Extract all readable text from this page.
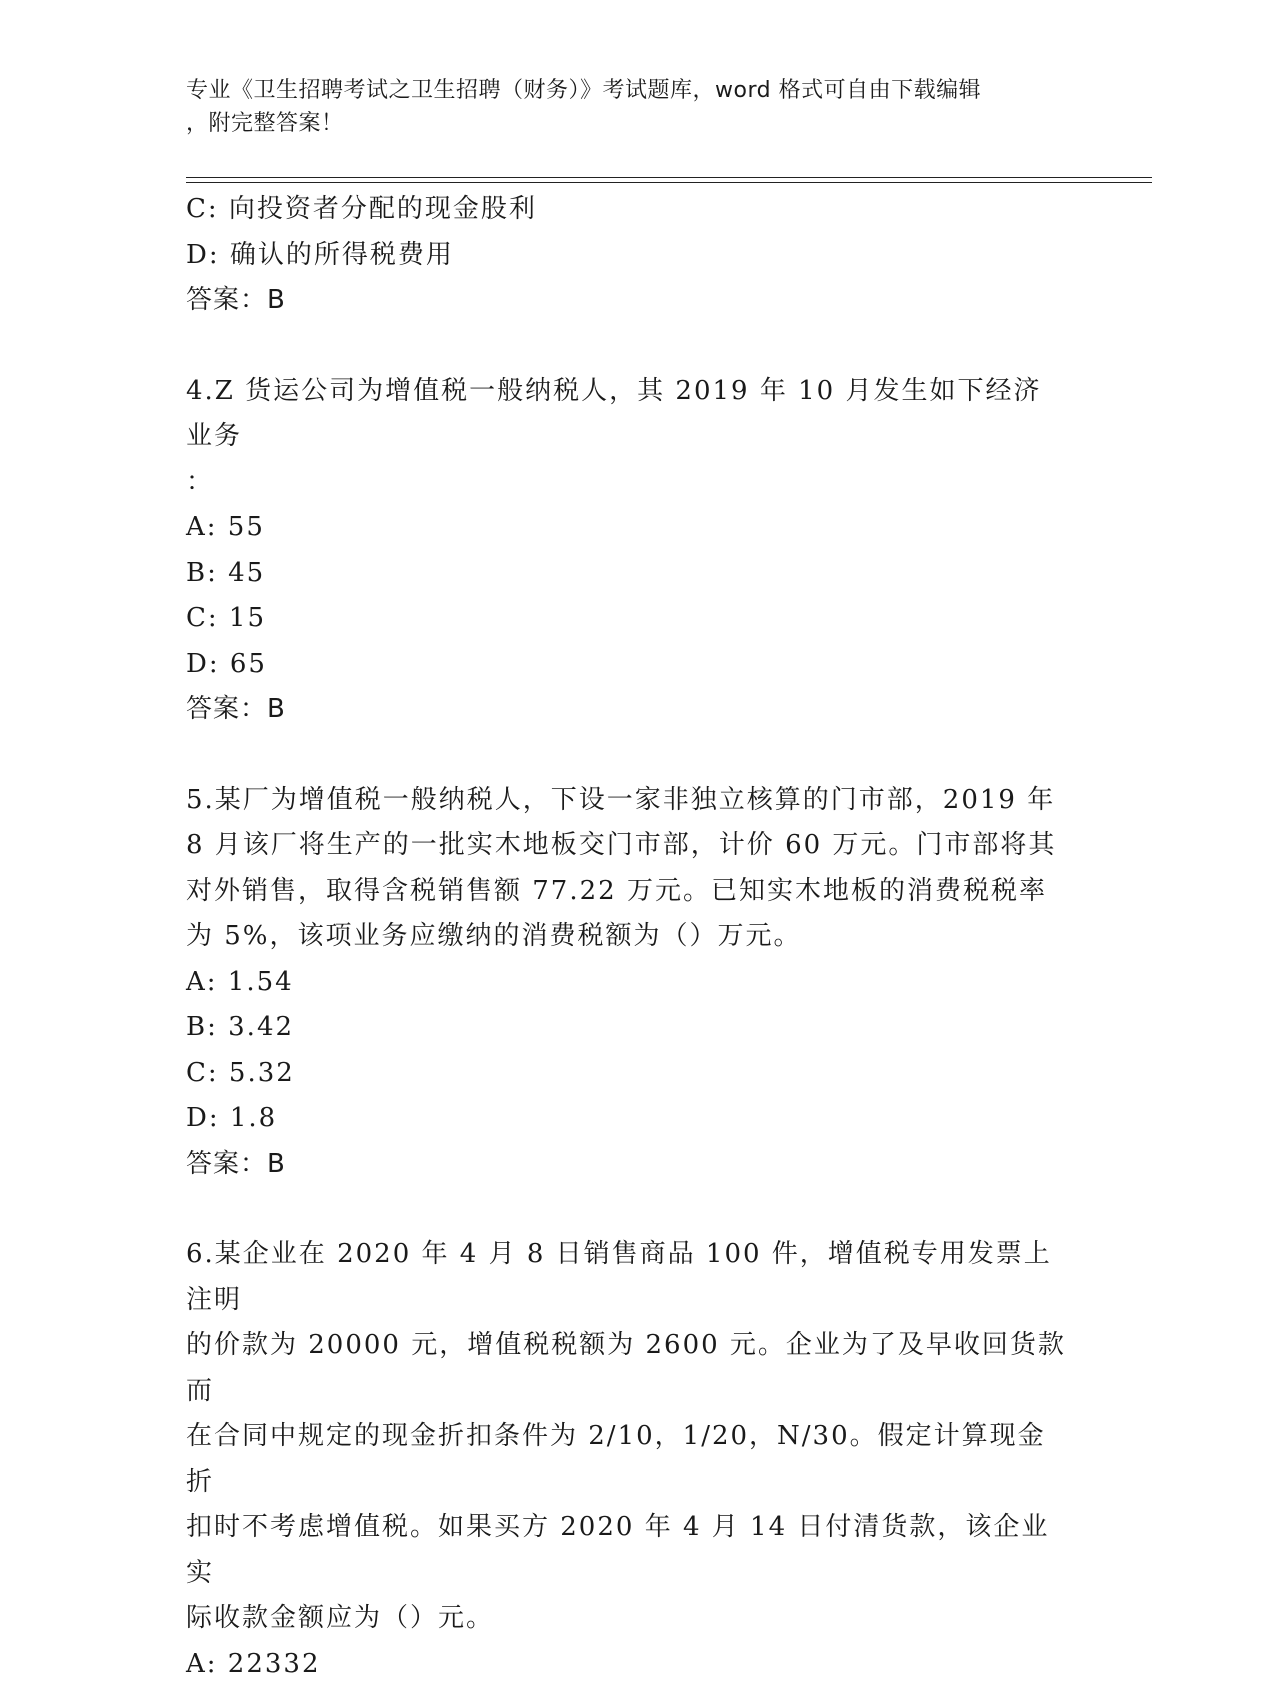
专业《卫生招聘考试之卫生招聘（财务）》考试题库，word 格式可自由下载编辑
，附完整答案！
C: 向投资者分配的现金股利
D: 确认的所得税费用
答案：B
4.Z 货运公司为增值税一般纳税人，其 2019 年 10 月发生如下经济业务
：
A: 55
B: 45
C: 15
D: 65
答案：B
5.某厂为增值税一般纳税人，下设一家非独立核算的门市部，2019 年
8 月该厂将生产的一批实木地板交门市部，计价 60 万元。门市部将其
对外销售，取得含税销售额 77.22 万元。已知实木地板的消费税税率
为 5%，该项业务应缴纳的消费税额为（）万元。
A: 1.54
B: 3.42
C: 5.32
D: 1.8
答案：B
6.某企业在 2020 年 4 月 8 日销售商品 100 件，增值税专用发票上注明
的价款为 20000 元，增值税税额为 2600 元。企业为了及早收回货款而
在合同中规定的现金折扣条件为 2/10，1/20，N/30。假定计算现金折
扣时不考虑增值税。如果买方 2020 年 4 月 14 日付清货款，该企业实
际收款金额应为（）元。
A: 22332
